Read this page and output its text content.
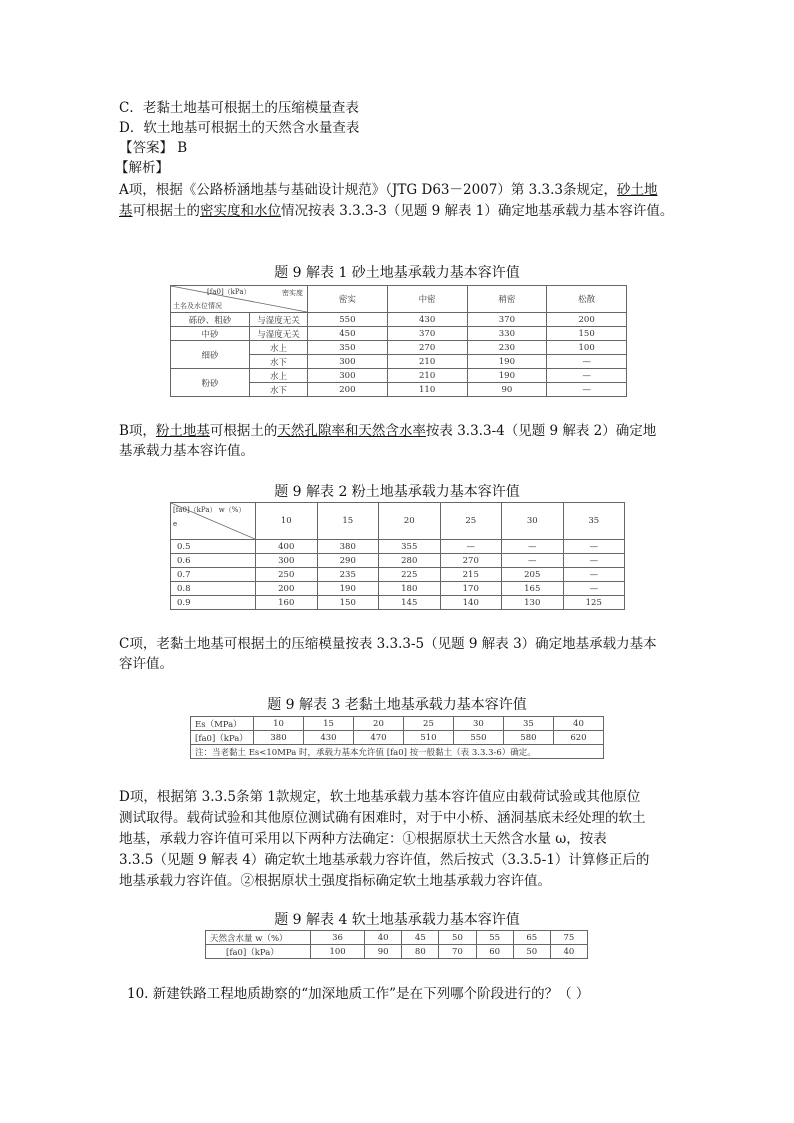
C．老黏土地基可根据土的压缩模量查表
D．软土地基可根据土的天然含水量查表
【答案】 B
【解析】
A项，根据《公路桥涵地基与基础设计规范》（JTG D63－2007）第 3.3.3条规定，砂土地
基可根据土的密实度和水位情况按表 3.3.3-3（见题 9 解表 1）确定地基承载力基本容许值。
题 9 解表 1 砂土地基承载力基本容许值
[fa0]（kPa） 密实度
土名及水位情况		密实	中密	稍密	松散
砾砂、粗砂	与湿度无关	550	430	370	200
中砂	与湿度无关	450	370	330	150
细砂	水上	350	270	230	100
	水下	300	210	190	—
粉砂	水上	300	210	190	—
	水下	200	110	90	—
B项，粉土地基可根据土的天然孔隙率和天然含水率按表 3.3.3-4（见题 9 解表 2）确定地
基承载力基本容许值。
题 9 解表 2 粉土地基承载力基本容许值
[fa0]（kPa） w（%）
e	10	15	20	25	30	35
0.5	400	380	355	—	—	—
0.6	300	290	280	270	—	—
0.7	250	235	225	215	205	—
0.8	200	190	180	170	165	—
0.9	160	150	145	140	130	125
C项，老黏土地基可根据土的压缩模量按表 3.3.3-5（见题 9 解表 3）确定地基承载力基本
容许值。
题 9 解表 3 老黏土地基承载力基本容许值
Es（MPa）	10	15	20	25	30	35	40
[fa0]（kPa）	380	430	470	510	550	580	620
注：当老黏土 Es<10MPa 时，承载力基本允许值 [fa0] 按一般黏土（表 3.3.3-6）确定。							
D项，根据第 3.3.5条第 1款规定，软土地基承载力基本容许值应由载荷试验或其他原位
测试取得。载荷试验和其他原位测试确有困难时，对于中小桥、涵洞基底未经处理的软土
地基，承载力容许值可采用以下两种方法确定：①根据原状土天然含水量 ω，按表
3.3.5（见题 9 解表 4）确定软土地基承载力容许值，然后按式（3.3.5-1）计算修正后的
地基承载力容许值。②根据原状土强度指标确定软土地基承载力容许值。
题 9 解表 4 软土地基承载力基本容许值
天然含水量 w（%）	36	40	45	50	55	65	75
[fa0]（kPa）	100	90	80	70	60	50	40
10. 新建铁路工程地质勘察的“加深地质工作”是在下列哪个阶段进行的？（ ）
